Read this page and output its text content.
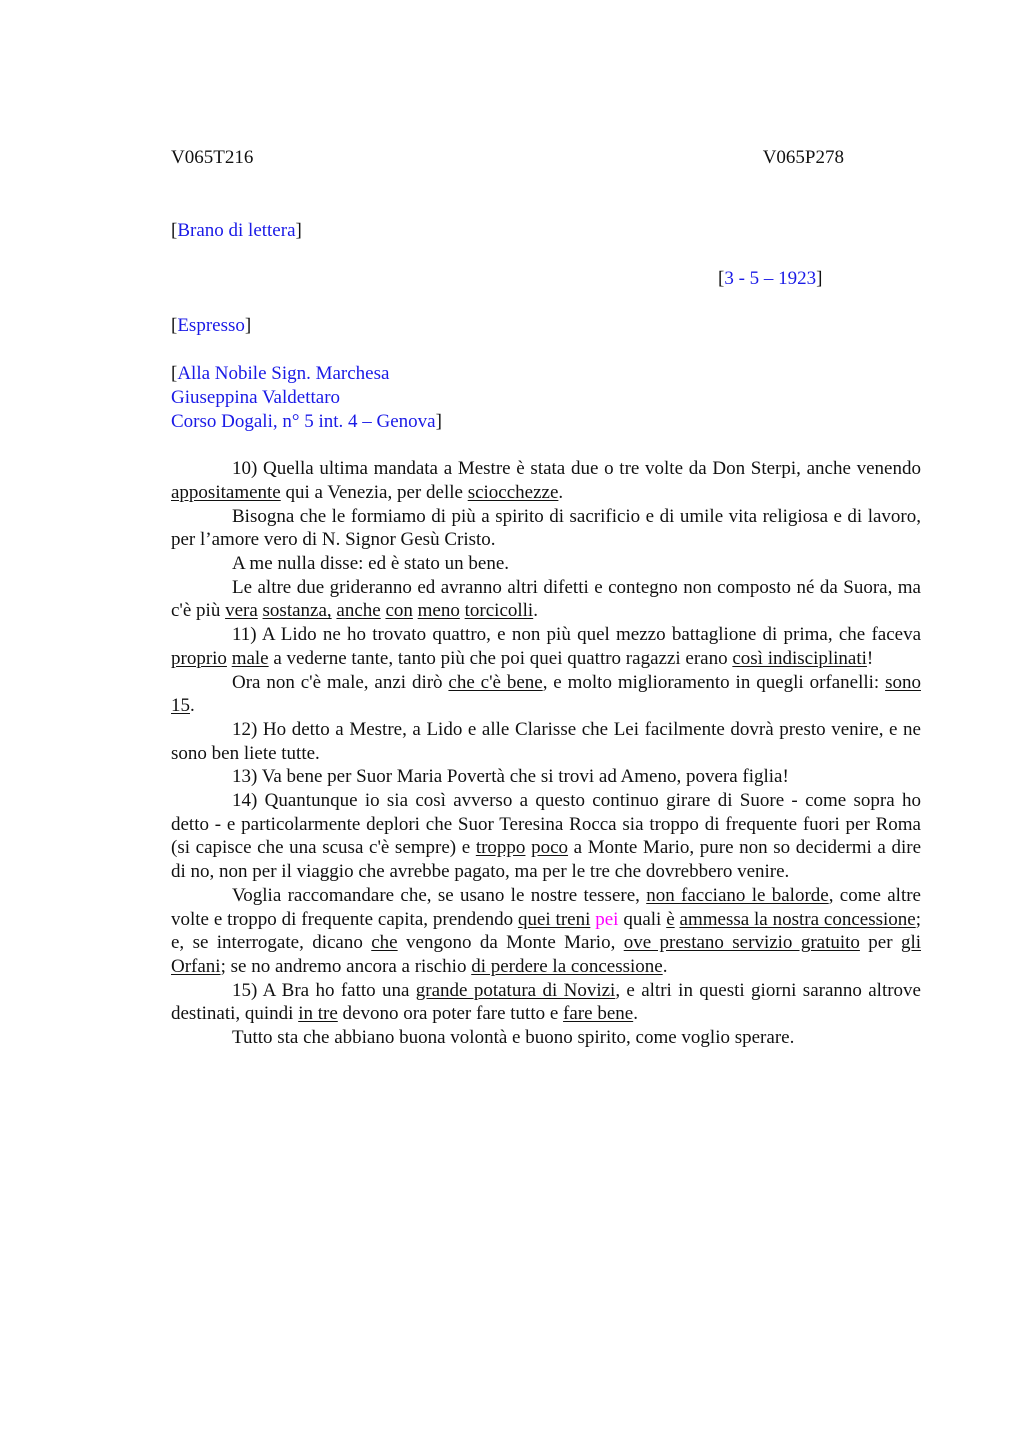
V065T216	V065P278
[Brano di lettera]
[3 - 5 – 1923]
[Espresso]
[Alla Nobile Sign. Marchesa
Giuseppina Valdettaro
Corso Dogali, n° 5 int. 4 – Genova]

10) Quella ultima mandata a Mestre è stata due o tre volte da Don Sterpi, anche venendo appositamente qui a Venezia, per delle sciocchezze.

Bisogna che le formiamo di più a spirito di sacrificio e di umile vita religiosa e di lavoro, per l’amore vero di N. Signor Gesù Cristo.

A me nulla disse: ed è stato un bene.

Le altre due grideranno ed avranno altri difetti e contegno non composto né da Suora, ma c'è più vera sostanza, anche con meno torcicolli.

11) A Lido ne ho trovato quattro, e non più quel mezzo battaglione di prima, che faceva proprio male a vederne tante, tanto più che poi quei quattro ragazzi erano così indisciplinati!

Ora non c'è male, anzi dirò che c'è bene, e molto miglioramento in quegli orfanelli: sono 15.

12) Ho detto a Mestre, a Lido e alle Clarisse che Lei facilmente dovrà presto venire, e ne sono ben liete tutte.

13) Va bene per Suor Maria Povertà che si trovi ad Ameno, povera figlia!

14) Quantunque io sia così avverso a questo continuo girare di Suore - come sopra ho detto - e particolarmente deplori che Suor Teresina Rocca sia troppo di frequente fuori per Roma (si capisce che una scusa c'è sempre) e troppo poco a Monte Mario, pure non so decidermi a dire di no, non per il viaggio che avrebbe pagato, ma per le tre che dovrebbero venire.

Voglia raccomandare che, se usano le nostre tessere, non facciano le balorde, come altre volte e troppo di frequente capita, prendendo quei treni pei quali è ammessa la nostra concessione; e, se interrogate, dicano che vengono da Monte Mario, ove prestano servizio gratuito per gli Orfani; se no andremo ancora a rischio di perdere la concessione.

15) A Bra ho fatto una grande potatura di Novizi, e altri in questi giorni saranno altrove destinati, quindi in tre devono ora poter fare tutto e fare bene.

Tutto sta che abbiano buona volontà e buono spirito, come voglio sperare.
